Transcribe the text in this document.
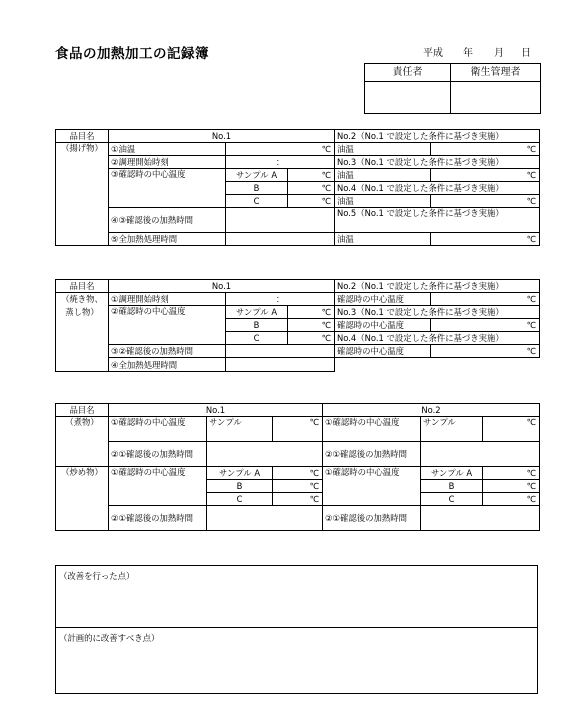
食品の加熱加工の記録簿	平成 年 月 日
責任者	衛生管理者

品目名	No.1			No.2（No.1 で設定した条件に基づき実施）	
（揚げ物）	①油温	℃		油温	℃
	②調理開始時刻	：		No.3（No.1 で設定した条件に基づき実施）	
	③確認時の中心温度	サンプル A	℃	油温	℃
		B	℃	No.4（No.1 で設定した条件に基づき実施）	
		C	℃	油温	℃
	④③確認後の加熱時間			No.5（No.1 で設定した条件に基づき実施）	
	⑤全加熱処理時間			油温	℃
品目名	No.1			No.2（No.1 で設定した条件に基づき実施）	
（焼き物、	①調理開始時刻	：		確認時の中心温度	℃
蒸し物）	②確認時の中心温度	サンプル A	℃	No.3（No.1 で設定した条件に基づき実施）	
		B	℃	確認時の中心温度	℃
		C	℃	No.4（No.1 で設定した条件に基づき実施）	
	③②確認後の加熱時間			確認時の中心温度	℃
	④全加熱処理時間				
品目名	No.1			No.2		
（煮物）	①確認時の中心温度	サンプル	℃	①確認時の中心温度	サンプル	℃
	②①確認後の加熱時間			②①確認後の加熱時間		
（炒め物）	①確認時の中心温度	サンプル A	℃	①確認時の中心温度	サンプル A	℃
		B	℃		B	℃
		C	℃		C	℃
	②①確認後の加熱時間			②①確認後の加熱時間		
（改善を行った点）
（計画的に改善すべき点）
